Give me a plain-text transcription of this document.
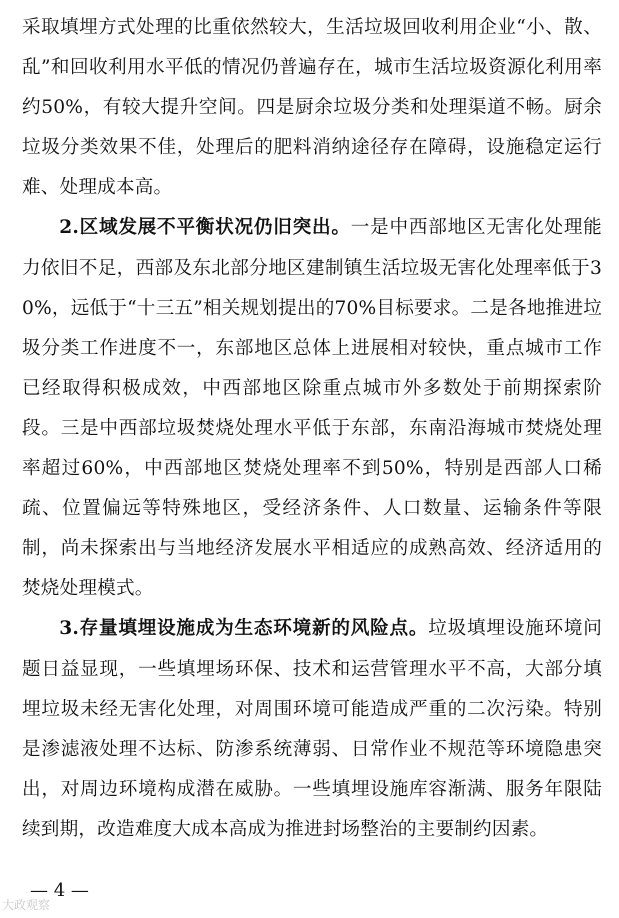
采取填埋方式处理的比重依然较大，生活垃圾回收利用企业“小、散、乱”和回收利用水平低的情况仍普遍存在，城市生活垃圾资源化利用率约50%，有较大提升空间。四是厨余垃圾分类和处理渠道不畅。厨余垃圾分类效果不佳，处理后的肥料消纳途径存在障碍，设施稳定运行难、处理成本高。

2.区域发展不平衡状况仍旧突出。一是中西部地区无害化处理能力依旧不足，西部及东北部分地区建制镇生活垃圾无害化处理率低于30%，远低于“十三五”相关规划提出的70%目标要求。二是各地推进垃圾分类工作进度不一，东部地区总体上进展相对较快，重点城市工作已经取得积极成效，中西部地区除重点城市外多数处于前期探索阶段。三是中西部垃圾焚烧处理水平低于东部，东南沿海城市焚烧处理率超过60%，中西部地区焚烧处理率不到50%，特别是西部人口稀疏、位置偏远等特殊地区，受经济条件、人口数量、运输条件等限制，尚未探索出与当地经济发展水平相适应的成熟高效、经济适用的焚烧处理模式。

3.存量填埋设施成为生态环境新的风险点。垃圾填埋设施环境问题日益显现，一些填埋场环保、技术和运营管理水平不高，大部分填埋垃圾未经无害化处理，对周围环境可能造成严重的二次污染。特别是渗滤液处理不达标、防渗系统薄弱、日常作业不规范等环境隐患突出，对周边环境构成潜在威胁。一些填埋设施库容渐满、服务年限陆续到期，改造难度大成本高成为推进封场整治的主要制约因素。

— 4 —
大政观察
